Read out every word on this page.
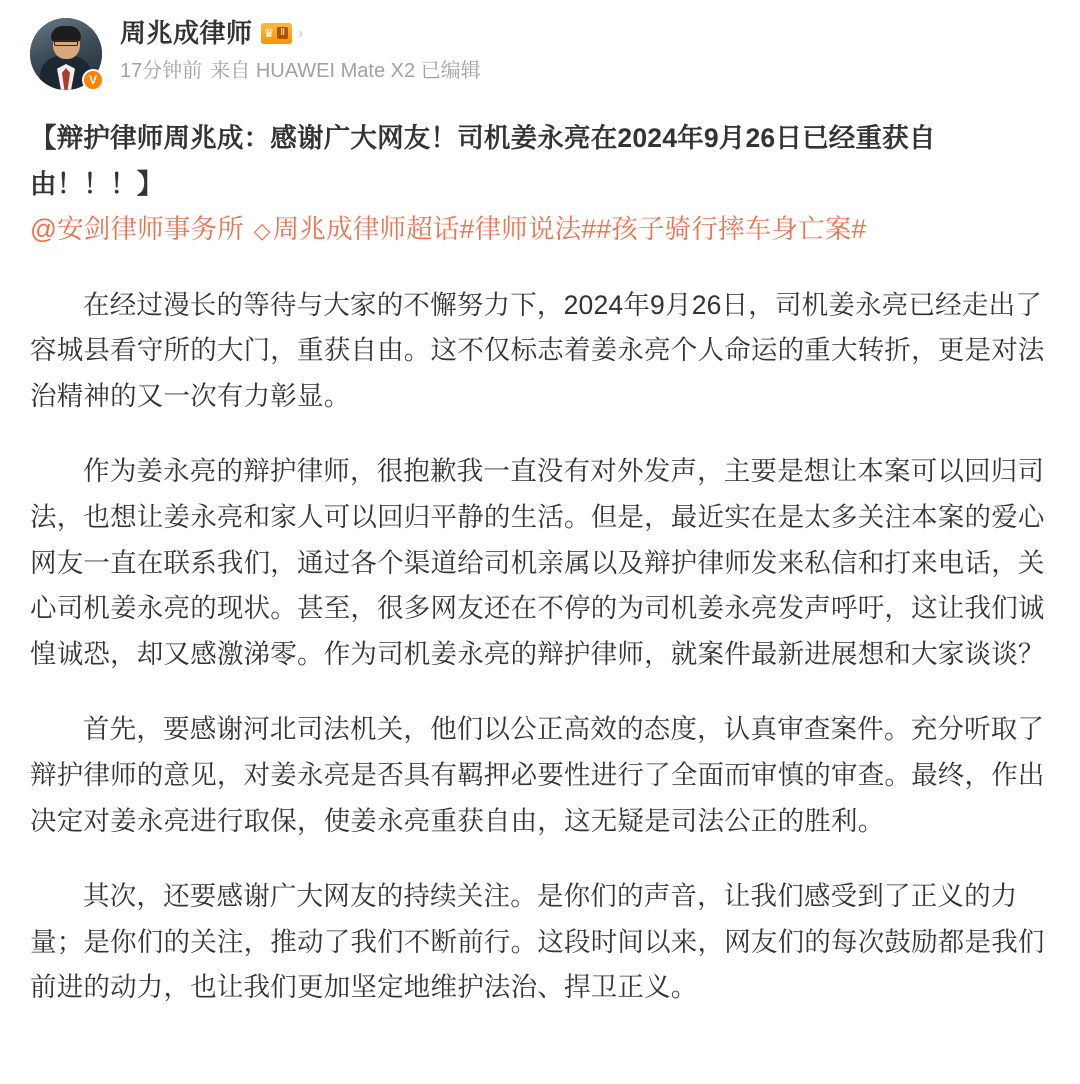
V
周兆成律师 ♛ Ⅱ ›
17分钟前 来自 HUAWEI Mate X2 已编辑

【辩护律师周兆成：感谢广大网友！司机姜永亮在2024年9月26日已经重获自由！！！】

@安剑律师事务所 ◇周兆成律师超话#律师说法##孩子骑行摔车身亡案#

在经过漫长的等待与大家的不懈努力下，2024年9月26日，司机姜永亮已经走出了容城县看守所的大门，重获自由。这不仅标志着姜永亮个人命运的重大转折，更是对法治精神的又一次有力彰显。

作为姜永亮的辩护律师，很抱歉我一直没有对外发声，主要是想让本案可以回归司法，也想让姜永亮和家人可以回归平静的生活。但是，最近实在是太多关注本案的爱心网友一直在联系我们，通过各个渠道给司机亲属以及辩护律师发来私信和打来电话，关心司机姜永亮的现状。甚至，很多网友还在不停的为司机姜永亮发声呼吁，这让我们诚惶诚恐，却又感激涕零。作为司机姜永亮的辩护律师，就案件最新进展想和大家谈谈？

首先，要感谢河北司法机关，他们以公正高效的态度，认真审查案件。充分听取了辩护律师的意见，对姜永亮是否具有羁押必要性进行了全面而审慎的审查。最终，作出决定对姜永亮进行取保，使姜永亮重获自由，这无疑是司法公正的胜利。

其次，还要感谢广大网友的持续关注。是你们的声音，让我们感受到了正义的力量；是你们的关注，推动了我们不断前行。这段时间以来，网友们的每次鼓励都是我们前进的动力，也让我们更加坚定地维护法治、捍卫正义。
